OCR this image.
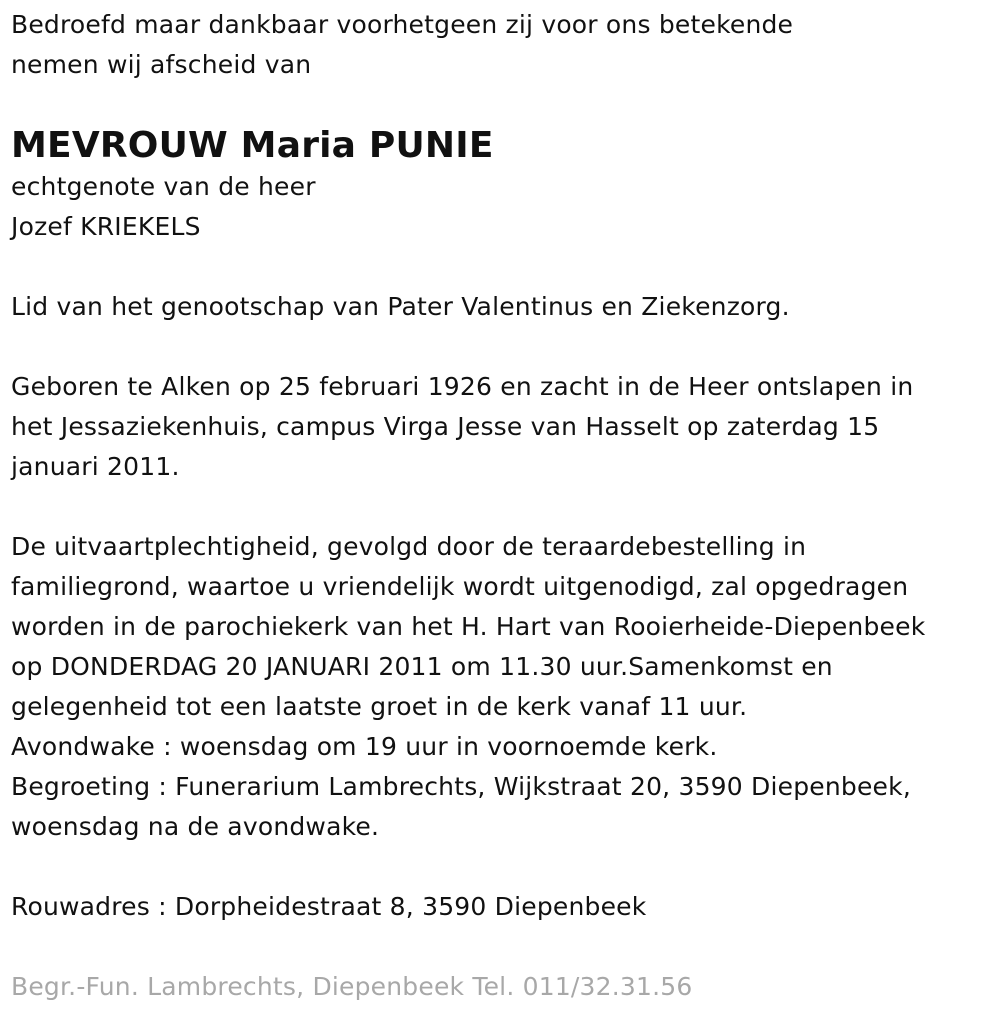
Bedroefd maar dankbaar voorhetgeen zij voor ons betekende
nemen wij afscheid van
MEVROUW Maria PUNIE
echtgenote van de heer
Jozef KRIEKELS
Lid van het genootschap van Pater Valentinus en Ziekenzorg.
Geboren te Alken op 25 februari 1926 en zacht in de Heer ontslapen in
het Jessaziekenhuis, campus Virga Jesse van Hasselt op zaterdag 15
januari 2011.
De uitvaartplechtigheid, gevolgd door de teraardebestelling in
familiegrond, waartoe u vriendelijk wordt uitgenodigd, zal opgedragen
worden in de parochiekerk van het H. Hart van Rooierheide-Diepenbeek
op DONDERDAG 20 JANUARI 2011 om 11.30 uur.Samenkomst en
gelegenheid tot een laatste groet in de kerk vanaf 11 uur.
Avondwake : woensdag om 19 uur in voornoemde kerk.
Begroeting : Funerarium Lambrechts, Wijkstraat 20, 3590 Diepenbeek,
woensdag na de avondwake.
Rouwadres : Dorpheidestraat 8, 3590 Diepenbeek
Begr.-Fun. Lambrechts, Diepenbeek Tel. 011/32.31.56
